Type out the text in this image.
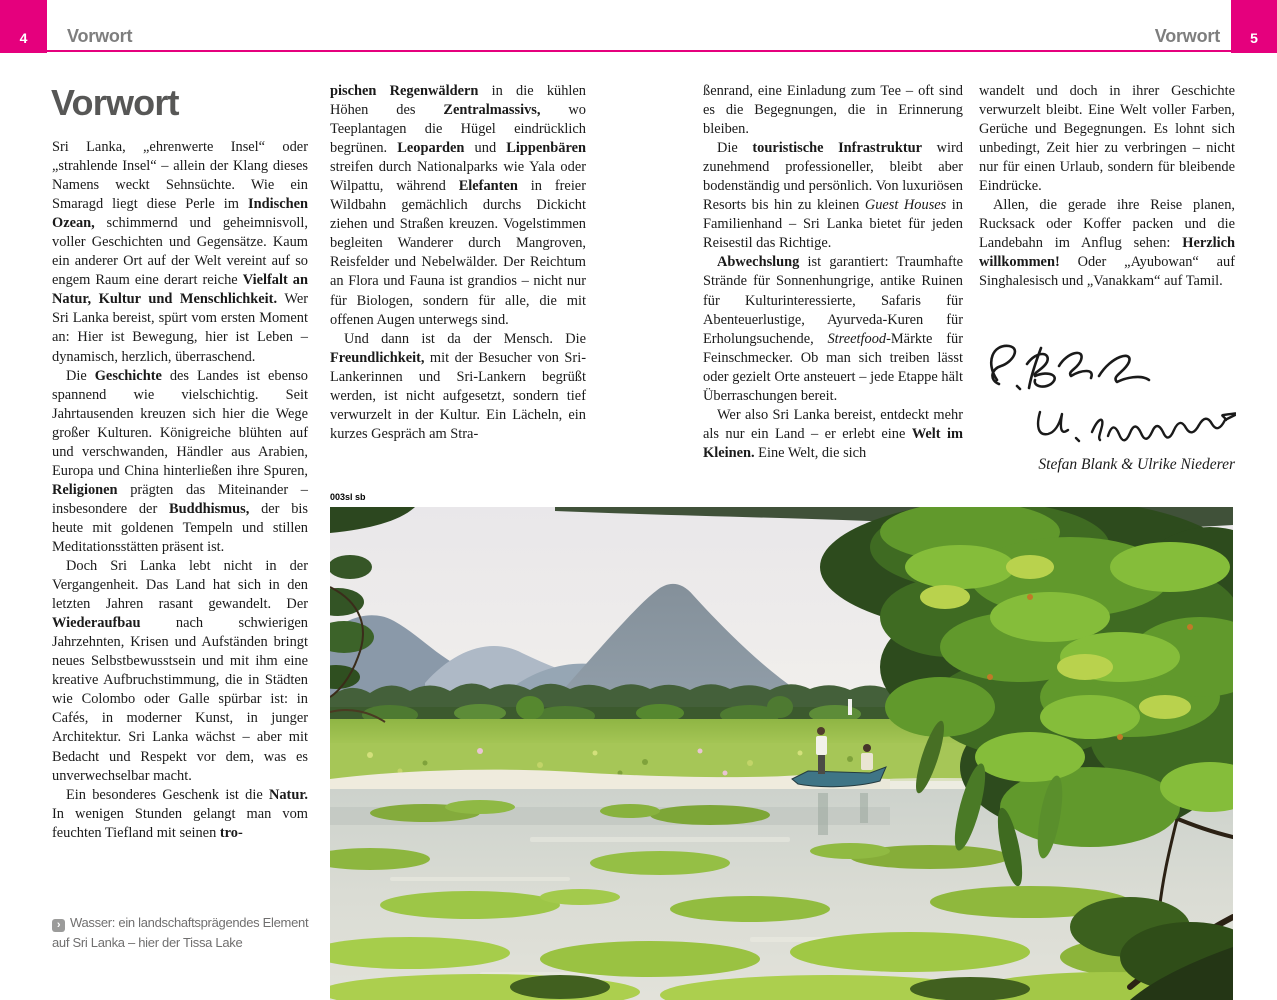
4 Vorwort	Vorwort 5
Vorwort

Sri Lanka, „ehrenwerte Insel“ oder „strahlende Insel“ – allein der Klang dieses Namens weckt Sehnsüchte. Wie ein Smaragd liegt diese Perle im Indischen Ozean, schimmernd und geheimnisvoll, voller Geschichten und Gegensätze. Kaum ein anderer Ort auf der Welt vereint auf so engem Raum eine derart reiche Vielfalt an Natur, Kultur und Menschlichkeit. Wer Sri Lanka bereist, spürt vom ersten Moment an: Hier ist Bewegung, hier ist Leben – dynamisch, herzlich, überraschend.

Die Geschichte des Landes ist ebenso spannend wie vielschichtig. Seit Jahrtausenden kreuzen sich hier die Wege großer Kulturen. Königreiche blühten auf und verschwanden, Händler aus Arabien, Europa und China hinterließen ihre Spuren, Religionen prägten das Miteinander – insbesondere der Buddhismus, der bis heute mit goldenen Tempeln und stillen Meditationsstätten präsent ist.

Doch Sri Lanka lebt nicht in der Vergangenheit. Das Land hat sich in den letzten Jahren rasant gewandelt. Der Wiederaufbau nach schwierigen Jahrzehnten, Krisen und Aufständen bringt neues Selbstbewusstsein und mit ihm eine kreative Aufbruchstimmung, die in Städten wie Colombo oder Galle spürbar ist: in Cafés, in moderner Kunst, in junger Architektur. Sri Lanka wächst – aber mit Bedacht und Respekt vor dem, was es unverwechselbar macht.

Ein besonderes Geschenk ist die Natur. In wenigen Stunden gelangt man vom feuchten Tiefland mit seinen tro-

pischen Regenwäldern in die kühlen Höhen des Zentralmassivs, wo Teeplantagen die Hügel eindrücklich begrünen. Leoparden und Lippenbären streifen durch Nationalparks wie Yala oder Wilpattu, während Elefanten in freier Wildbahn gemächlich durchs Dickicht ziehen und Straßen kreuzen. Vogelstimmen begleiten Wanderer durch Mangroven, Reisfelder und Nebelwälder. Der Reichtum an Flora und Fauna ist grandios – nicht nur für Biologen, sondern für alle, die mit offenen Augen unterwegs sind.

Und dann ist da der Mensch. Die Freundlichkeit, mit der Besucher von Sri-Lankerinnen und Sri-Lankern begrüßt werden, ist nicht aufgesetzt, sondern tief verwurzelt in der Kultur. Ein Lächeln, ein kurzes Gespräch am Stra-

ßenrand, eine Einladung zum Tee – oft sind es die Begegnungen, die in Erinnerung bleiben.

Die touristische Infrastruktur wird zunehmend professioneller, bleibt aber bodenständig und persönlich. Von luxuriösen Resorts bis hin zu kleinen Guest Houses in Familienhand – Sri Lanka bietet für jeden Reisestil das Richtige.

Abwechslung ist garantiert: Traumhafte Strände für Sonnenhungrige, antike Ruinen für Kulturinteressierte, Safaris für Abenteuerlustige, Ayurveda-Kuren für Erholungsuchende, Streetfood-Märkte für Feinschmecker. Ob man sich treiben lässt oder gezielt Orte ansteuert – jede Etappe hält Überraschungen bereit.

Wer also Sri Lanka bereist, entdeckt mehr als nur ein Land – er erlebt eine Welt im Kleinen. Eine Welt, die sich

wandelt und doch in ihrer Geschichte verwurzelt bleibt. Eine Welt voller Farben, Gerüche und Begegnungen. Es lohnt sich unbedingt, Zeit hier zu verbringen – nicht nur für einen Urlaub, sondern für bleibende Eindrücke.

Allen, die gerade ihre Reise planen, Rucksack oder Koffer packen und die Landebahn im Anflug sehen: Herzlich willkommen! Oder „Ayubowan“ auf Singhalesisch und „Vanakkam“ auf Tamil.

› Wasser: ein landschaftsprägendes Element auf Sri Lanka – hier der Tissa Lake
003sl sb
Stefan Blank & Ulrike Niederer
